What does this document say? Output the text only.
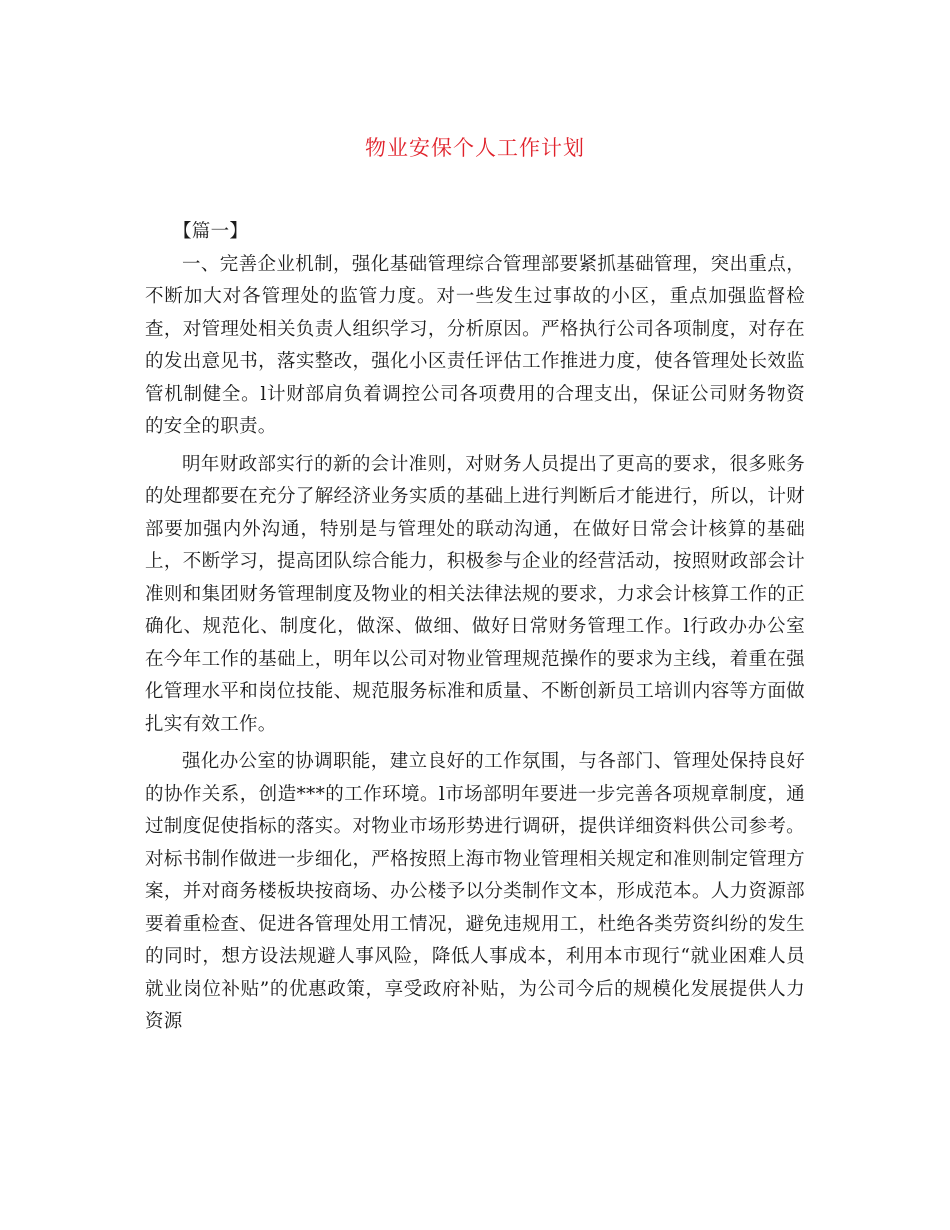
物业安保个人工作计划

【篇一】

一、完善企业机制，强化基础管理综合管理部要紧抓基础管理，突出重点，不断加大对各管理处的监管力度。对一些发生过事故的小区，重点加强监督检查，对管理处相关负责人组织学习，分析原因。严格执行公司各项制度，对存在的发出意见书，落实整改，强化小区责任评估工作推进力度，使各管理处长效监管机制健全。l计财部肩负着调控公司各项费用的合理支出，保证公司财务物资的安全的职责。

明年财政部实行的新的会计准则，对财务人员提出了更高的要求，很多账务的处理都要在充分了解经济业务实质的基础上进行判断后才能进行，所以，计财部要加强内外沟通，特别是与管理处的联动沟通，在做好日常会计核算的基础上，不断学习，提高团队综合能力，积极参与企业的经营活动，按照财政部会计准则和集团财务管理制度及物业的相关法律法规的要求，力求会计核算工作的正确化、规范化、制度化，做深、做细、做好日常财务管理工作。l行政办办公室在今年工作的基础上，明年以公司对物业管理规范操作的要求为主线，着重在强化管理水平和岗位技能、规范服务标准和质量、不断创新员工培训内容等方面做扎实有效工作。

强化办公室的协调职能，建立良好的工作氛围，与各部门、管理处保持良好的协作关系，创造***的工作环境。l市场部明年要进一步完善各项规章制度，通过制度促使指标的落实。对物业市场形势进行调研，提供详细资料供公司参考。对标书制作做进一步细化，严格按照上海市物业管理相关规定和准则制定管理方案，并对商务楼板块按商场、办公楼予以分类制作文本，形成范本。人力资源部要着重检查、促进各管理处用工情况，避免违规用工，杜绝各类劳资纠纷的发生的同时，想方设法规避人事风险，降低人事成本，利用本市现行“就业困难人员就业岗位补贴”的优惠政策，享受政府补贴，为公司今后的规模化发展提供人力资源
